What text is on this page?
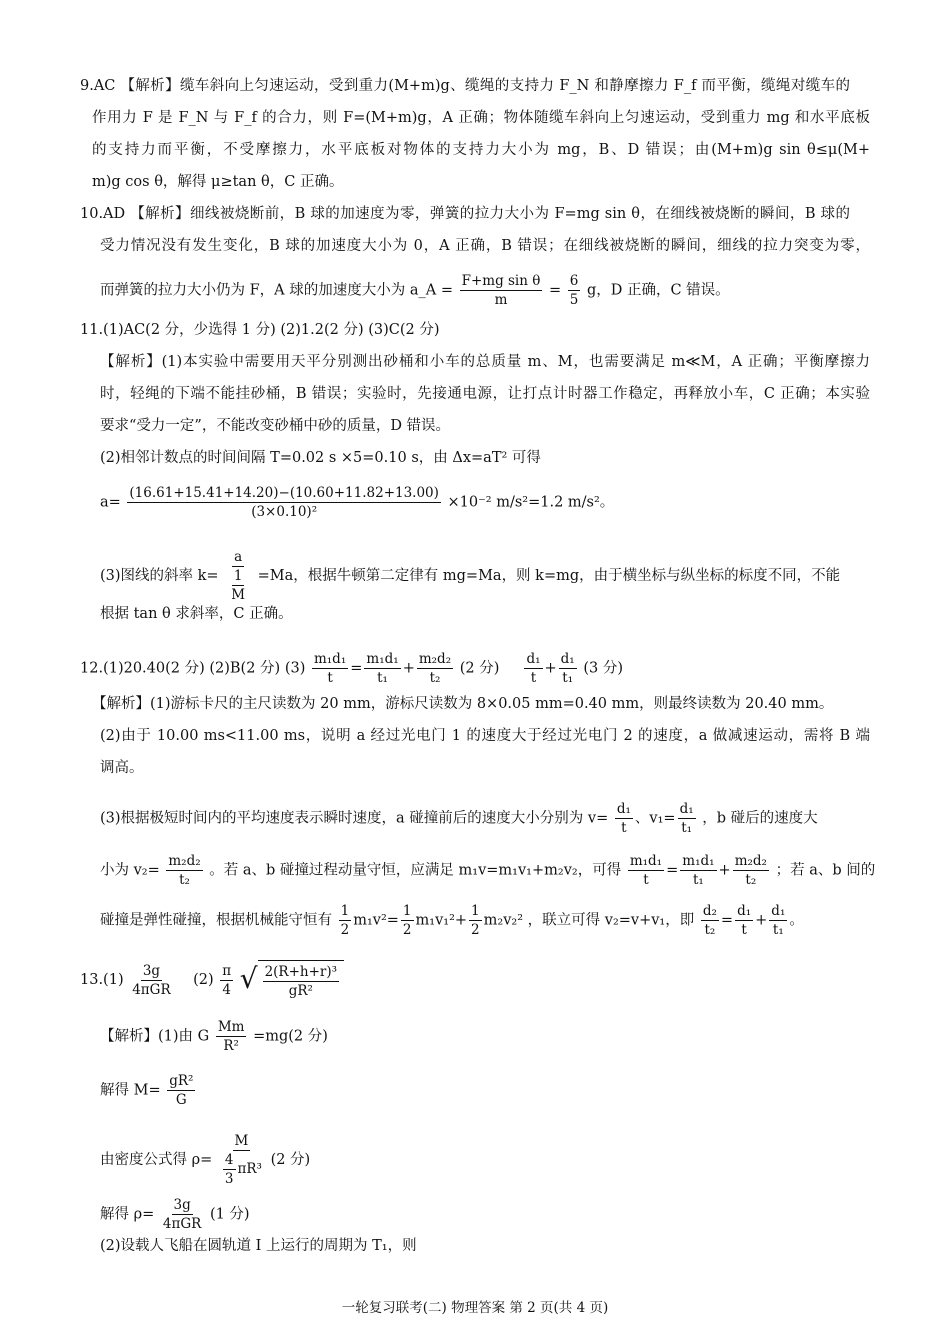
9.AC 【解析】缆车斜向上匀速运动，受到重力(M+m)g、缆绳的支持力 F_N 和静摩擦力 F_f 而平衡，缆绳对缆车的
作用力 F 是 F_N 与 F_f 的合力，则 F=(M+m)g，A 正确；物体随缆车斜向上匀速运动，受到重力 mg 和水平底板
的支持力而平衡，不受摩擦力，水平底板对物体的支持力大小为 mg，B、D 错误；由(M+m)g sin θ≤μ(M+
m)g cos θ，解得 μ≥tan θ，C 正确。
10.AD 【解析】细线被烧断前，B 球的加速度为零，弹簧的拉力大小为 F=mg sin θ，在细线被烧断的瞬间，B 球的
受力情况没有发生变化，B 球的加速度大小为 0，A 正确，B 错误；在细线被烧断的瞬间，细线的拉力突变为零，
而弹簧的拉力大小仍为 F，A 球的加速度大小为 a_A = $\frac{\text{F+mg sin θ}}{m} = \frac{6}{5}$ g，D 正确，C 错误。
11.(1)AC(2 分，少选得 1 分) (2)1.2(2 分) (3)C(2 分)
【解析】(1)本实验中需要用天平分别测出砂桶和小车的总质量 m、M，也需要满足 m≪M，A 正确；平衡摩擦力
时，轻绳的下端不能挂砂桶，B 错误；实验时，先接通电源，让打点计时器工作稳定，再释放小车，C 正确；本实验
要求“受力一定”，不能改变砂桶中砂的质量，D 错误。
(2)相邻计数点的时间间隔 T=0.02 s ×5=0.10 s，由 Δx=aT² 可得
$a= \frac{(16.61+15.41+14.20)-(10.60+11.82+13.00)}{\text{(3×0.10)²}} \times 10^{-2}$ m/s²=1.2 m/s²。
(3)图线的斜率 $k= \frac{a}{\frac{1}{M}} =Ma$，根据牛顿第二定律有 mg=Ma，则 k=mg，由于横坐标与纵坐标的标度不同，不能
根据 tan θ 求斜率，C 正确。
12.(1)20.40(2 分) (2)B(2 分) $(3) \frac{\text{m₁d₁}}{t} = \frac{\text{m₁d₁}}{\text{t₁}} + \frac{\text{m₂d₂}}{\text{t₂}} (2$ 分) $\frac{\text{d₁}}{t} + \frac{\text{d₁}}{\text{t₁}} (3$ 分)
【解析】(1)游标卡尺的主尺读数为 20 mm，游标尺读数为 8×0.05 mm=0.40 mm，则最终读数为 20.40 mm。
(2)由于 10.00 ms<11.00 ms，说明 a 经过光电门 1 的速度大于经过光电门 2 的速度，a 做减速运动，需将 B 端
调高。
(3)根据极短时间内的平均速度表示瞬时速度，a 碰撞前后的速度大小分别为 $v= \frac{\text{d₁}}{t}$ 、$v_1= \frac{\text{d₁}}{\text{t₁}}$ ，b 碰后的速度大
小为 $v_2= \frac{\text{m₂d₂}}{\text{t₂}}$ 。若 a、b 碰撞过程动量守恒，应满足 m₁v=m₁v₁+m₂v₂，可得 $\frac{\text{m₁d₁}}{t} = \frac{\text{m₁d₁}}{\text{t₁}} + \frac{\text{m₂d₂}}{\text{t₂}}$ ；若 a、b 间的
碰撞是弹性碰撞，根据机械能守恒有 $\frac{1}{2} m_1v^2= \frac{1}{2} m_1v_1^2+ \frac{1}{2} m_2v_2^2$ ，联立可得 v₂=v+v₁，即 $\frac{\text{d₂}}{\text{t₂}} = \frac{\text{d₁}}{t} + \frac{\text{d₁}}{\text{t₁}}$ 。
$13.(1) \frac{3g}{\text{4πGR}} (2) \frac{\pi}{4}$
√ $\frac{\text{2(R+h+r)³}}{\text{gR²}}$
【解析】(1)由 G $\frac{Mm}{\text{R²}} =mg(2$ 分)
解得 $M= \frac{\text{gR²}}{G}$
由密度公式得 $\rho= \frac{M}{\frac{4}{3} \pi R^3} (2$ 分)
解得 $\rho= \frac{3g}{\text{4πGR}} (1$ 分)
(2)设载人飞船在圆轨道 Ⅰ 上运行的周期为 T₁，则
一轮复习联考(二) 物理答案 第 2 页(共 4 页)
